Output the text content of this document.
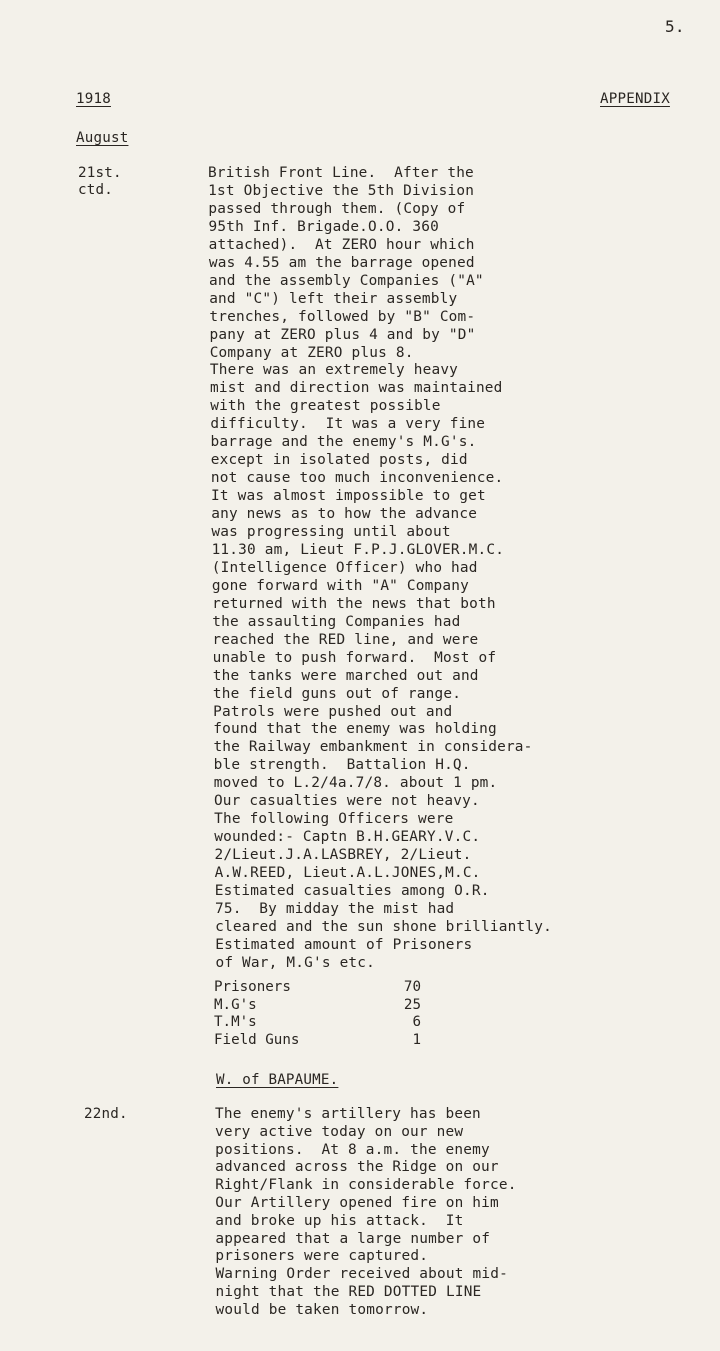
5.
1918	APPENDIX
August
21st.
ctd.
British Front Line.  After the
1st Objective the 5th Division
passed through them. (Copy of
95th Inf. Brigade.O.O. 360
attached).  At ZERO hour which
was 4.55 am the barrage opened
and the assembly Companies ("A"
and "C") left their assembly
trenches, followed by "B" Com-
pany at ZERO plus 4 and by "D"
Company at ZERO plus 8.
There was an extremely heavy
mist and direction was maintained
with the greatest possible
difficulty.  It was a very fine
barrage and the enemy's M.G's.
except in isolated posts, did
not cause too much inconvenience.
It was almost impossible to get
any news as to how the advance
was progressing until about
11.30 am, Lieut F.P.J.GLOVER.M.C.
(Intelligence Officer) who had
gone forward with "A" Company
returned with the news that both
the assaulting Companies had
reached the RED line, and were
unable to push forward.  Most of
the tanks were marched out and
the field guns out of range.
Patrols were pushed out and
found that the enemy was holding
the Railway embankment in considera-
ble strength.  Battalion H.Q.
moved to L.2/4a.7/8. about 1 pm.
Our casualties were not heavy.
The following Officers were
wounded:- Captn B.H.GEARY.V.C.
2/Lieut.J.A.LASBREY, 2/Lieut.
A.W.REED, Lieut.A.L.JONES,M.C.
Estimated casualties among O.R.
75.  By midday the mist had
cleared and the sun shone brilliantly.
Estimated amount of Prisoners
of War, M.G's etc.
Prisoners	70
M.G's	25
T.M's	6
Field Guns	1
W. of BAPAUME.
22nd.	The enemy's artillery has been
very active today on our new
positions.  At 8 a.m. the enemy
advanced across the Ridge on our
Right/Flank in considerable force.
Our Artillery opened fire on him
and broke up his attack.  It
appeared that a large number of
prisoners were captured.
Warning Order received about mid-
night that the RED DOTTED LINE
would be taken tomorrow.
